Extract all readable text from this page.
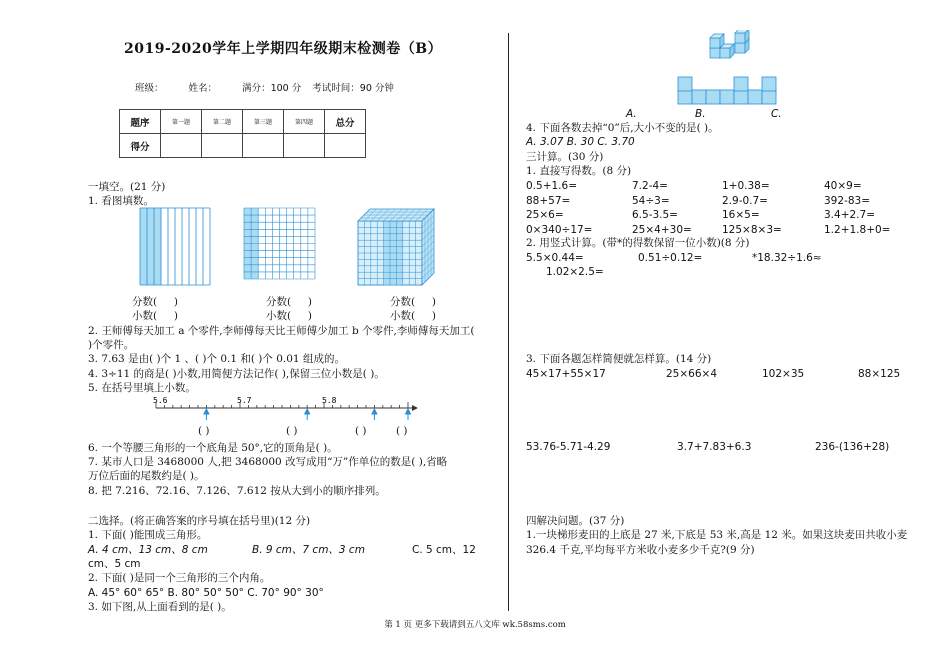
2019-2020学年上学期四年级期末检测卷（B）
班级：	姓名：	满分：100 分 考试时间：90 分钟
题序	第一题	第二题	第三题	第四题	总分
得分					
一填空。(21 分)
1. 看图填数。
分数( )
小数( )
分数( )
小数( )
分数( )
小数( )
2. 王师傅每天加工 a 个零件,李师傅每天比王师傅少加工 b 个零件,李师傅每天加工(
)个零件。
3. 7.63 是由( )个 1 、( )个 0.1 和( )个 0.01 组成的。
4. 3÷11 的商是( )小数,用简便方法记作( ),保留三位小数是( )。
5. 在括号里填上小数。
5.6	5.7	5.8
( )	( )	( )	( )
6. 一个等腰三角形的一个底角是 50°,它的顶角是( )。
7. 某市人口是 3468000 人,把 3468000 改写成用“万”作单位的数是( ),省略
万位后面的尾数约是( )。
8. 把 7.216、72.16、7.126、7.612 按从大到小的顺序排列。
二选择。(将正确答案的序号填在括号里)(12 分)
1. 下面( )能围成三角形。
A. 4 cm、13 cm、8 cm	B. 9 cm、7 cm、3 cm	C. 5 cm、12
cm、5 cm
2. 下面( )是同一个三角形的三个内角。
A. 45° 60° 65° B. 80° 50° 50° C. 70° 90° 30°
3. 如下图,从上面看到的是( )。
A.	B.	C.
4. 下面各数去掉“0”后,大小不变的是( )。
A. 3.07 B. 30 C. 3.70
三计算。(30 分)
1. 直接写得数。(8 分)
0.5+1.6=	7.2-4=	1+0.38=	40×9=
88+57=	54÷3=	2.9-0.7=	392-83=
25×6=	6.5-3.5=	16×5=	3.4+2.7=
0×340÷17=	25×4+30=	125×8×3=	1.2+1.8+0=
2. 用竖式计算。(带*的得数保留一位小数)(8 分)
5.5×0.44=	0.51÷0.12=	*18.32÷1.6≈
1.02×2.5=
3. 下面各题怎样简便就怎样算。(14 分)
45×17+55×17	25×66×4	102×35	88×125
53.76-5.71-4.29	3.7+7.83+6.3	236-(136+28)
四解决问题。(37 分)
1.一块梯形麦田的上底是 27 米,下底是 53 米,高是 12 米。如果这块麦田共收小麦
326.4 千克,平均每平方米收小麦多少千克?(9 分)
第 1 页 更多下载请到五八文库 wk.58sms.com
